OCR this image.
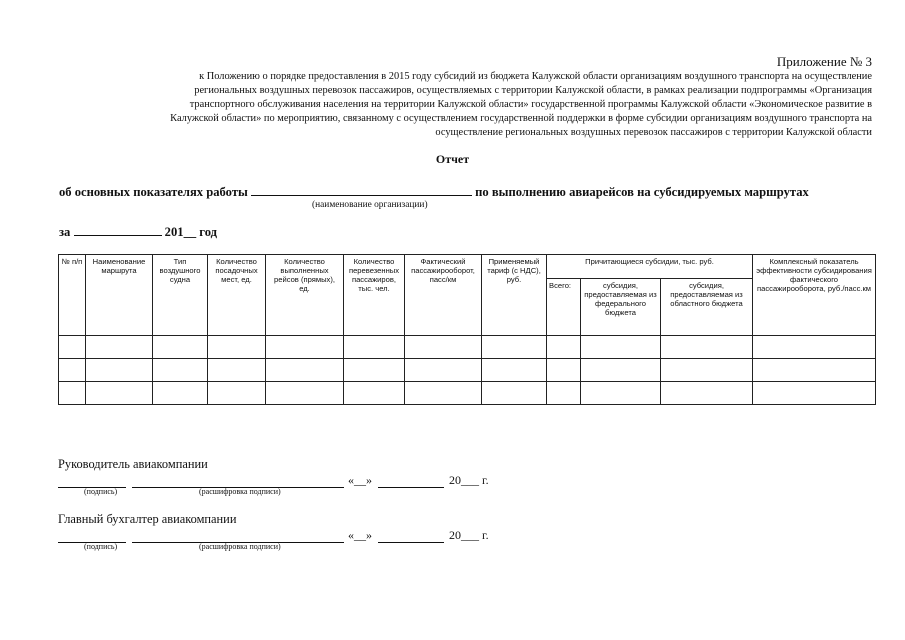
Приложение № 3
к Положению о порядке предоставления в 2015 году субсидий из бюджета Калужской области организациям воздушного транспорта на осуществление
региональных воздушных перевозок пассажиров, осуществляемых с территории Калужской области, в рамках реализации подпрограммы «Организация
транспортного обслуживания населения на территории Калужской области» государственной программы Калужской области «Экономическое развитие в
Калужской области» по мероприятию, связанному с осуществлением государственной поддержки в форме субсидии организациям воздушного транспорта на
осуществление региональных воздушных перевозок пассажиров с территории Калужской области
Отчет
об основных показателях работы	по выполнению авиарейсов на субсидируемых маршрутах
(наименование организации)
за	201__ год
№ п/п	Наименование маршрута	Тип воздушного судна	Количество посадочных мест, ед.	Количество выполненных рейсов (прямых), ед.	Количество перевезенных пассажиров, тыс. чел.	Фактический пассажирооборот, пасс/км	Применяемый тариф (с НДС), руб.	Причитающиеся субсидии, тыс. руб.			Комплексный показатель эффективности субсидирования фактического пассажирооборота, руб./пасс.км
								Всего:	субсидия, предоставляемая из федерального бюджета	субсидия, предоставляемая из областного бюджета	

Руководитель авиакомпании
«__»	20___ г.
(подпись)	(расшифровка подписи)
Главный бухгалтер авиакомпании
«__»	20___ г.
(подпись)	(расшифровка подписи)
